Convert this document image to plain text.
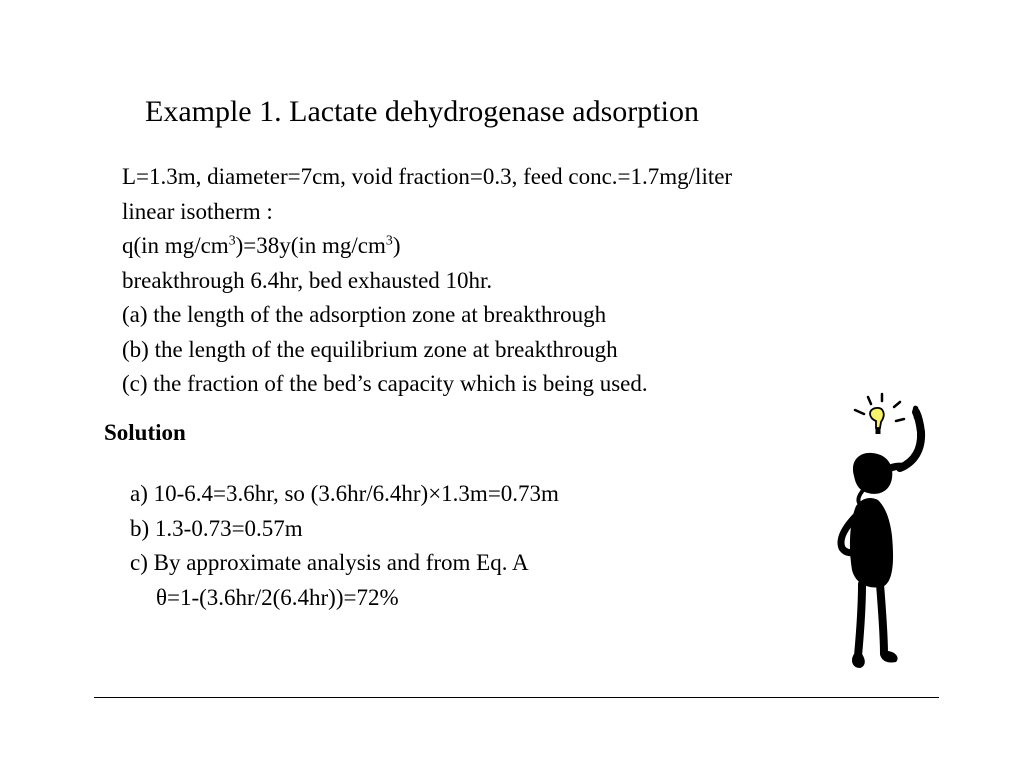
Example 1. Lactate dehydrogenase adsorption
L=1.3m, diameter=7cm, void fraction=0.3, feed conc.=1.7mg/liter
linear isotherm :
q(in $mg/cm^3)=38y(in$ $mg/cm^3$)
breakthrough 6.4hr, bed exhausted 10hr.
(a) the length of the adsorption zone at breakthrough
(b) the length of the equilibrium zone at breakthrough
(c) the fraction of the bed’s capacity which is being used.
Solution
a) 10-6.4=3.6hr, so (3.6hr/6.4hr)×1.3m=0.73m
b) 1.3-0.73=0.57m
c) By approximate analysis and from Eq. A
θ=1-(3.6hr/2(6.4hr))=72%
